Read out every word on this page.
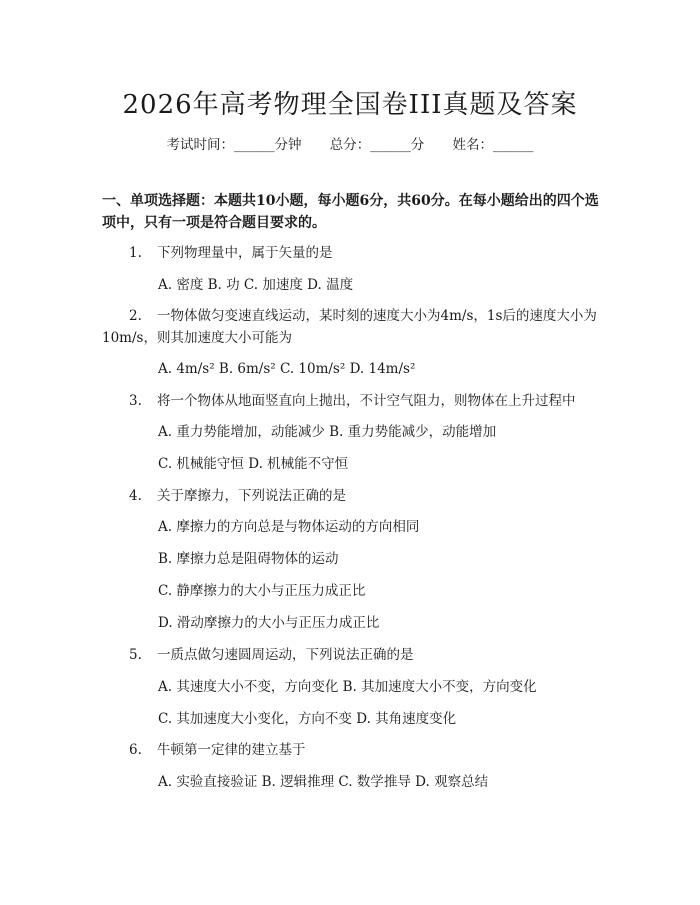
2026年高考物理全国卷III真题及答案
考试时间：______分钟 总分：______分 姓名：______
一、单项选择题：本题共10小题，每小题6分，共60分。在每小题给出的四个选项中，只有一项是符合题目要求的。
1. 下列物理量中，属于矢量的是
A. 密度 B. 功 C. 加速度 D. 温度
2. 一物体做匀变速直线运动，某时刻的速度大小为4m/s，1s后的速度大小为10m/s，则其加速度大小可能为
A. 4m/s² B. 6m/s² C. 10m/s² D. 14m/s²
3. 将一个物体从地面竖直向上抛出，不计空气阻力，则物体在上升过程中
A. 重力势能增加，动能减少 B. 重力势能减少，动能增加
C. 机械能守恒 D. 机械能不守恒
4. 关于摩擦力，下列说法正确的是
A. 摩擦力的方向总是与物体运动的方向相同
B. 摩擦力总是阻碍物体的运动
C. 静摩擦力的大小与正压力成正比
D. 滑动摩擦力的大小与正压力成正比
5. 一质点做匀速圆周运动，下列说法正确的是
A. 其速度大小不变，方向变化 B. 其加速度大小不变，方向变化
C. 其加速度大小变化，方向不变 D. 其角速度变化
6. 牛顿第一定律的建立基于
A. 实验直接验证 B. 逻辑推理 C. 数学推导 D. 观察总结
